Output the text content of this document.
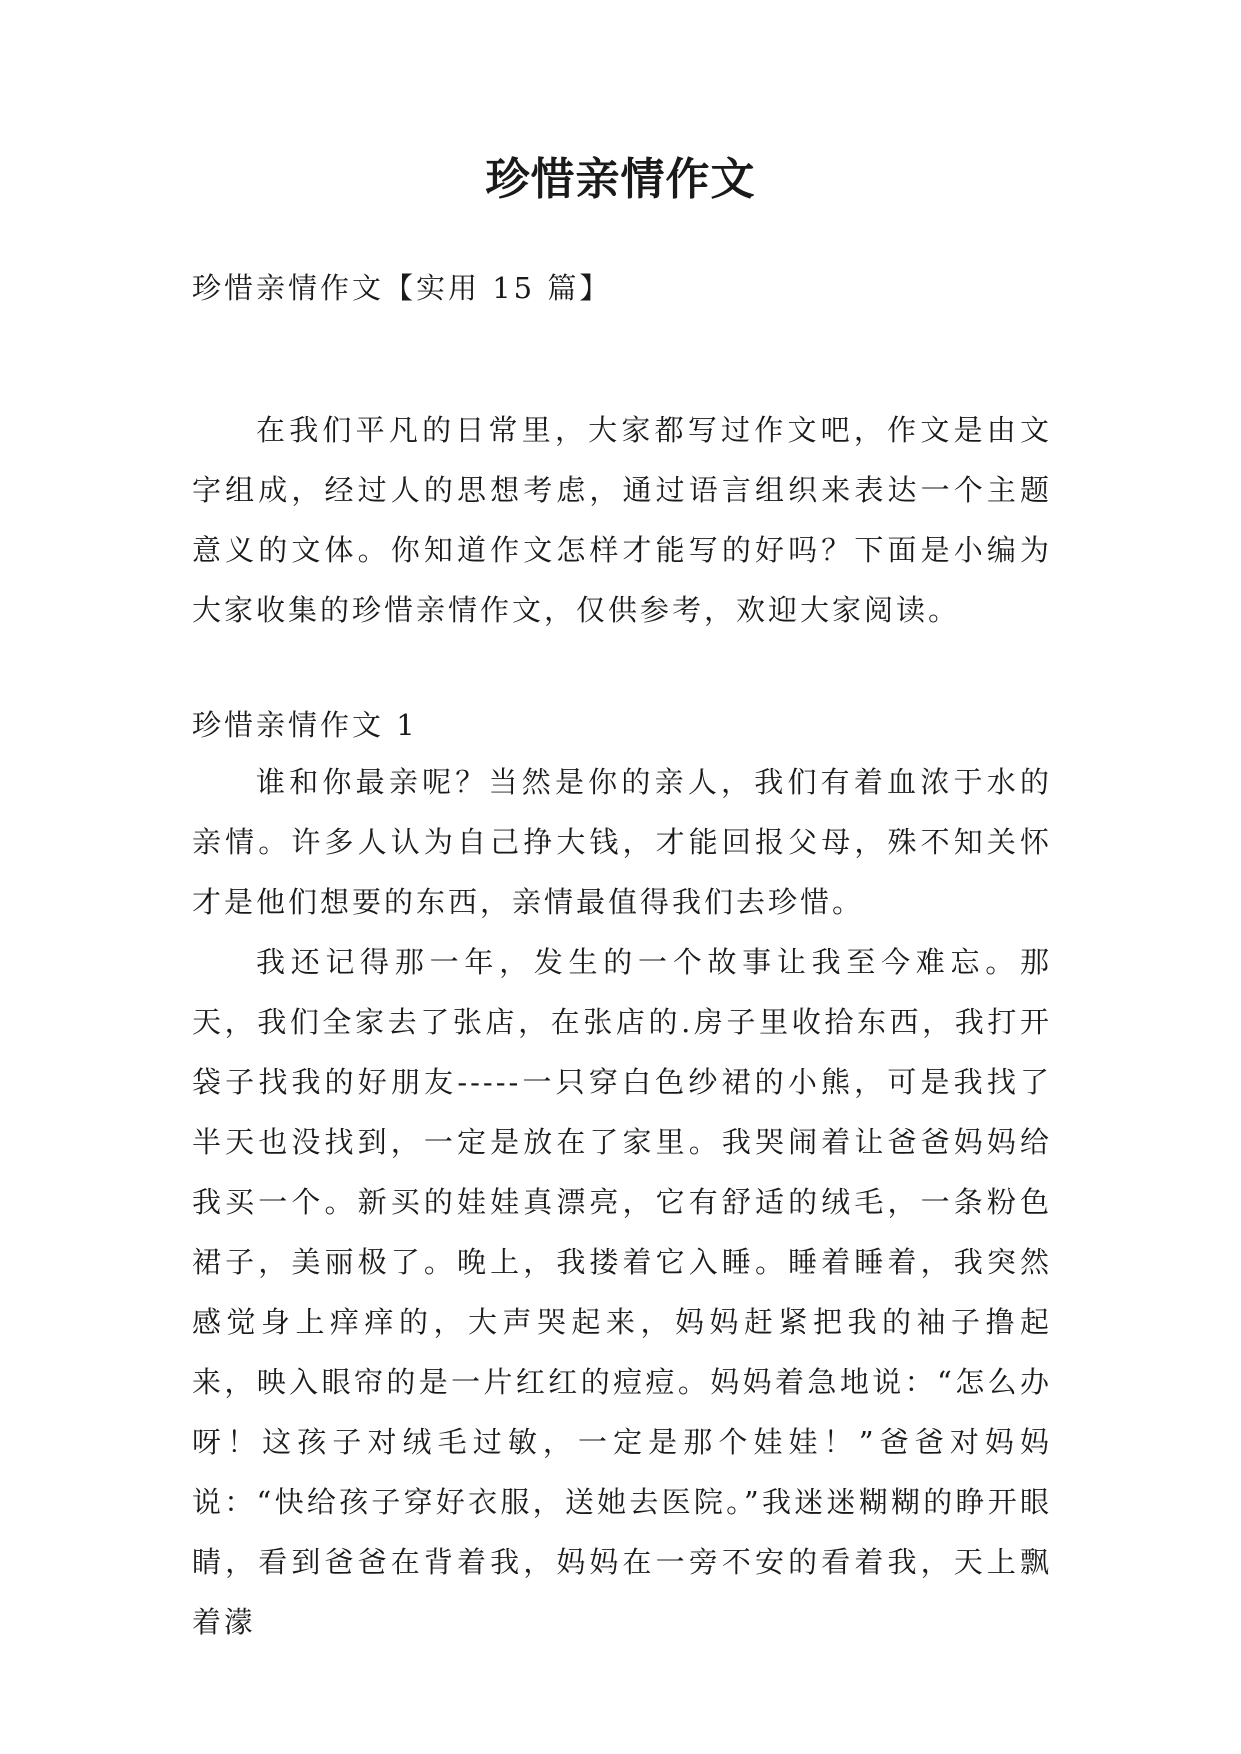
珍惜亲情作文

珍惜亲情作文【实用 15 篇】

在我们平凡的日常里，大家都写过作文吧，作文是由文字组成，经过人的思想考虑，通过语言组织来表达一个主题意义的文体。你知道作文怎样才能写的好吗？下面是小编为大家收集的珍惜亲情作文，仅供参考，欢迎大家阅读。

珍惜亲情作文 1

谁和你最亲呢？当然是你的亲人，我们有着血浓于水的亲情。许多人认为自己挣大钱，才能回报父母，殊不知关怀才是他们想要的东西，亲情最值得我们去珍惜。

我还记得那一年，发生的一个故事让我至今难忘。那天，我们全家去了张店，在张店的.房子里收拾东西，我打开袋子找我的好朋友-----一只穿白色纱裙的小熊，可是我找了半天也没找到，一定是放在了家里。我哭闹着让爸爸妈妈给我买一个。新买的娃娃真漂亮，它有舒适的绒毛，一条粉色裙子，美丽极了。晚上，我搂着它入睡。睡着睡着，我突然感觉身上痒痒的，大声哭起来，妈妈赶紧把我的袖子撸起来，映入眼帘的是一片红红的痘痘。妈妈着急地说：“怎么办呀！这孩子对绒毛过敏，一定是那个娃娃！”爸爸对妈妈说：“快给孩子穿好衣服，送她去医院。”我迷迷糊糊的睁开眼睛，看到爸爸在背着我，妈妈在一旁不安的看着我，天上飘着濛
